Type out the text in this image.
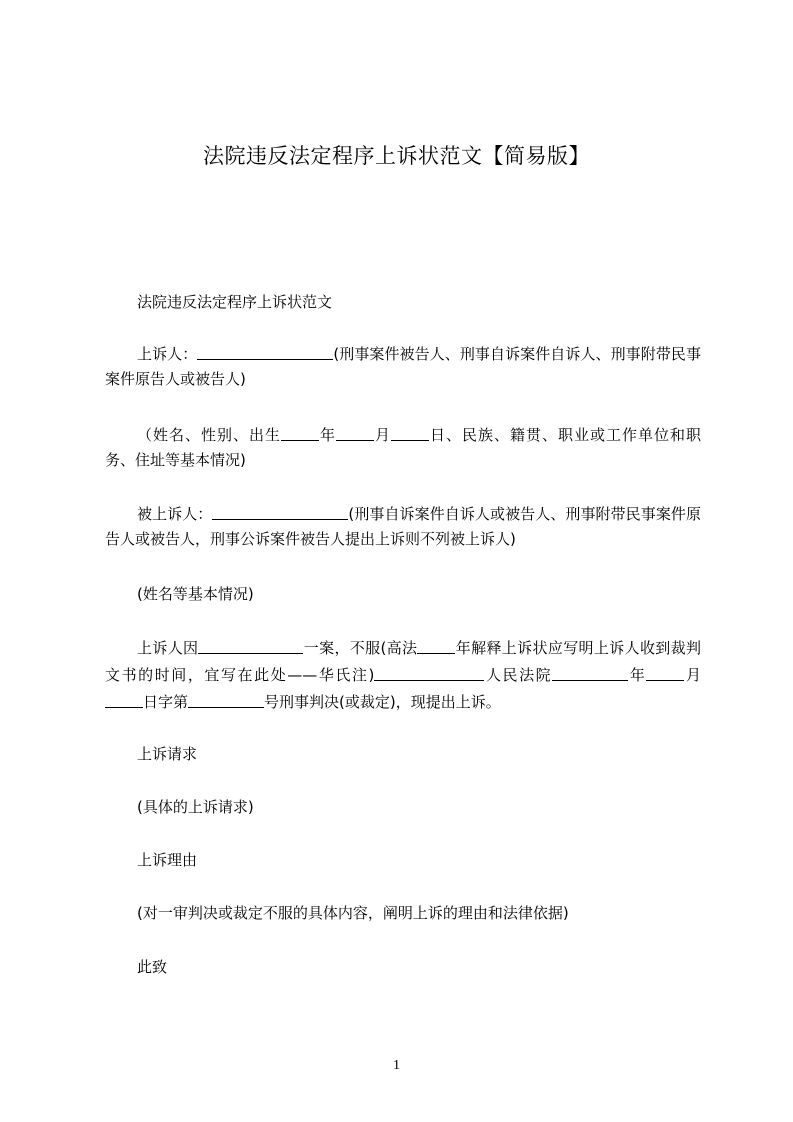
法院违反法定程序上诉状范文【简易版】
法院违反法定程序上诉状范文
上诉人：	(刑事案件被告人、刑事自诉案件自诉人、刑事附带民事案件原告人或被告人)
（姓名、性别、出生	年	月	日、民族、籍贯、职业或工作单位和职务、住址等基本情况)
被上诉人：	(刑事自诉案件自诉人或被告人、刑事附带民事案件原告人或被告人，刑事公诉案件被告人提出上诉则不列被上诉人)
(姓名等基本情况)
上诉人因	一案，不服(高法	年解释上诉状应写明上诉人收到裁判文书的时间，宜写在此处——华氏注)	人民法院	年	月日字第	号刑事判决(或裁定)，现提出上诉。
上诉请求
(具体的上诉请求)
上诉理由
(对一审判决或裁定不服的具体内容，阐明上诉的理由和法律依据)
此致
1
